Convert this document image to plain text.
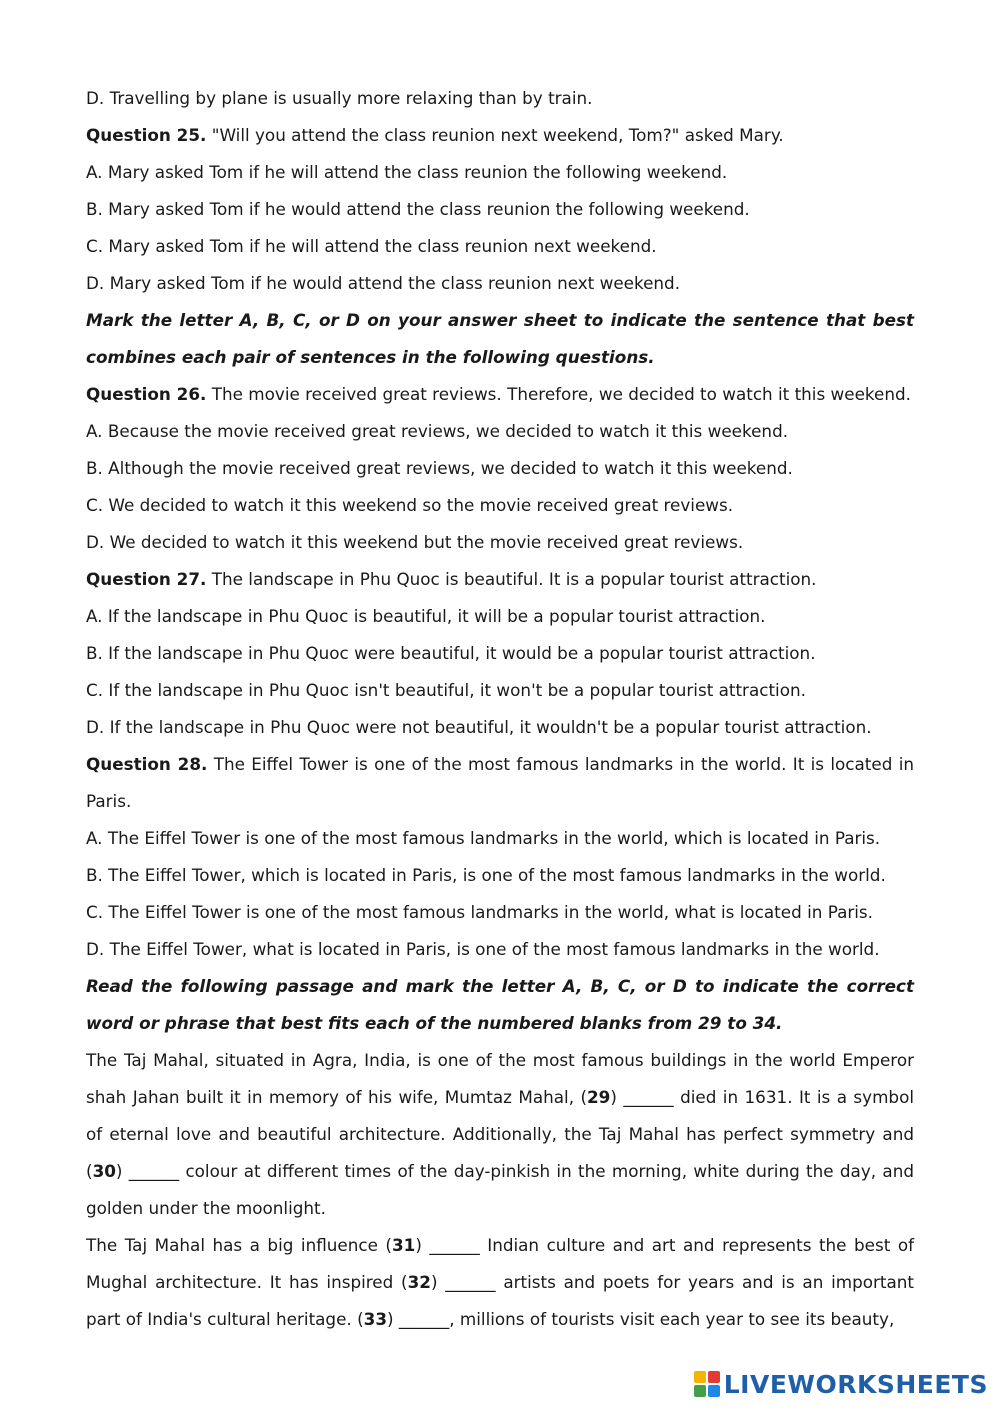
D. Travelling by plane is usually more relaxing than by train.

Question 25. "Will you attend the class reunion next weekend, Tom?" asked Mary.

A. Mary asked Tom if he will attend the class reunion the following weekend.

B. Mary asked Tom if he would attend the class reunion the following weekend.

C. Mary asked Tom if he will attend the class reunion next weekend.

D. Mary asked Tom if he would attend the class reunion next weekend.

Mark the letter A, B, C, or D on your answer sheet to indicate the sentence that best combines each pair of sentences in the following questions.

Question 26. The movie received great reviews. Therefore, we decided to watch it this weekend.

A. Because the movie received great reviews, we decided to watch it this weekend.

B. Although the movie received great reviews, we decided to watch it this weekend.

C. We decided to watch it this weekend so the movie received great reviews.

D. We decided to watch it this weekend but the movie received great reviews.

Question 27. The landscape in Phu Quoc is beautiful. It is a popular tourist attraction.

A. If the landscape in Phu Quoc is beautiful, it will be a popular tourist attraction.

B. If the landscape in Phu Quoc were beautiful, it would be a popular tourist attraction.

C. If the landscape in Phu Quoc isn't beautiful, it won't be a popular tourist attraction.

D. If the landscape in Phu Quoc were not beautiful, it wouldn't be a popular tourist attraction.

Question 28. The Eiffel Tower is one of the most famous landmarks in the world. It is located in Paris.

A. The Eiffel Tower is one of the most famous landmarks in the world, which is located in Paris.

B. The Eiffel Tower, which is located in Paris, is one of the most famous landmarks in the world.

C. The Eiffel Tower is one of the most famous landmarks in the world, what is located in Paris.

D. The Eiffel Tower, what is located in Paris, is one of the most famous landmarks in the world.

Read the following passage and mark the letter A, B, C, or D to indicate the correct word or phrase that best fits each of the numbered blanks from 29 to 34.

The Taj Mahal, situated in Agra, India, is one of the most famous buildings in the world Emperor shah Jahan built it in memory of his wife, Mumtaz Mahal, (29) ______ died in 1631. It is a symbol of eternal love and beautiful architecture. Additionally, the Taj Mahal has perfect symmetry and (30) ______ colour at different times of the day-pinkish in the morning, white during the day, and golden under the moonlight.

The Taj Mahal has a big influence (31) ______ Indian culture and art and represents the best of Mughal architecture. It has inspired (32) ______ artists and poets for years and is an important part of India's cultural heritage. (33) ______, millions of tourists visit each year to see its beauty,

LIVEWORKSHEETS
